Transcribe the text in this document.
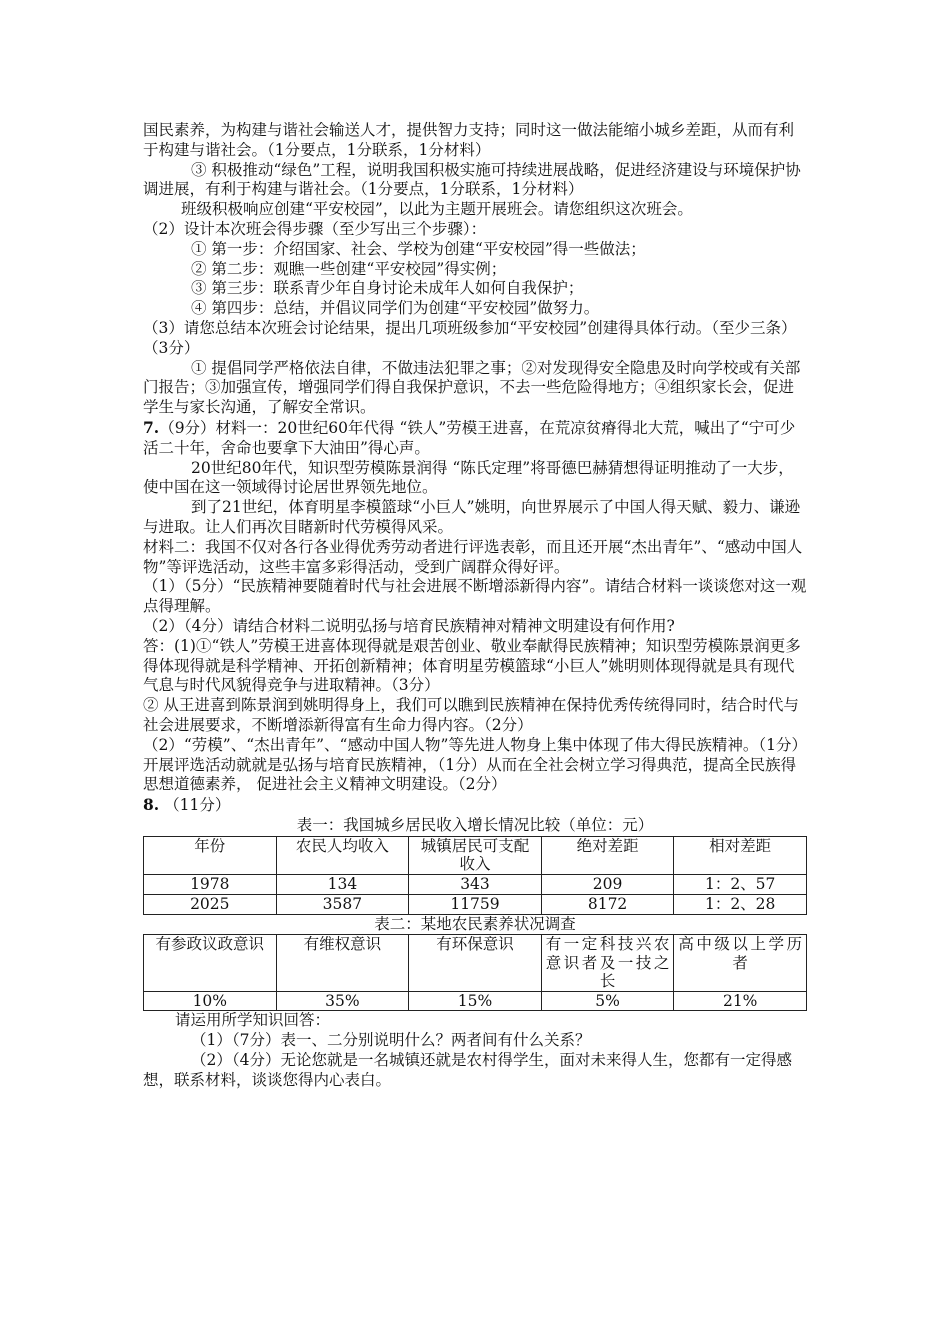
国民素养，为构建与谐社会输送人才，提供智力支持；同时这一做法能缩小城乡差距，从而有利于构建与谐社会。（1分要点，1分联系，1分材料）

③ 积极推动“绿色”工程，说明我国积极实施可持续进展战略，促进经济建设与环境保护协调进展，有利于构建与谐社会。（1分要点，1分联系，1分材料）

班级积极响应创建“平安校园”，以此为主题开展班会。请您组织这次班会。

（2）设计本次班会得步骤（至少写出三个步骤）：

① 第一步：介绍国家、社会、学校为创建“平安校园”得一些做法；

② 第二步：观瞧一些创建“平安校园”得实例；

③ 第三步：联系青少年自身讨论未成年人如何自我保护；

④ 第四步：总结，并倡议同学们为创建“平安校园”做努力。

（3）请您总结本次班会讨论结果，提出几项班级参加“平安校园”创建得具体行动。（至少三条）（3分）

① 提倡同学严格依法自律，不做违法犯罪之事；②对发现得安全隐患及时向学校或有关部门报告；③加强宣传，增强同学们得自我保护意识，不去一些危险得地方；④组织家长会，促进学生与家长沟通，了解安全常识。

7.（9分）材料一：20世纪60年代得 “铁人”劳模王进喜，在荒凉贫瘠得北大荒，喊出了“宁可少活二十年，舍命也要拿下大油田”得心声。

20世纪80年代，知识型劳模陈景润得 “陈氏定理”将哥德巴赫猜想得证明推动了一大步，使中国在这一领域得讨论居世界领先地位。

到了21世纪，体育明星李模篮球“小巨人”姚明，向世界展示了中国人得天赋、毅力、谦逊与进取。让人们再次目睹新时代劳模得风采。

材料二：我国不仅对各行各业得优秀劳动者进行评选表彰，而且还开展“杰出青年”、“感动中国人物”等评选活动，这些丰富多彩得活动，受到广阔群众得好评。

（1）（5分）“民族精神要随着时代与社会进展不断增添新得内容”。请结合材料一谈谈您对这一观点得理解。

（2）（4分）请结合材料二说明弘扬与培育民族精神对精神文明建设有何作用?

答：(1)①“铁人”劳模王进喜体现得就是艰苦创业、敬业奉献得民族精神；知识型劳模陈景润更多得体现得就是科学精神、开拓创新精神；体育明星劳模篮球“小巨人”姚明则体现得就是具有现代气息与时代风貌得竞争与进取精神。（3分）

② 从王进喜到陈景润到姚明得身上，我们可以瞧到民族精神在保持优秀传统得同时，结合时代与社会进展要求，不断增添新得富有生命力得内容。（2分）

（2）“劳模”、“杰出青年”、“感动中国人物”等先进人物身上集中体现了伟大得民族精神。（1分）开展评选活动就就是弘扬与培育民族精神，（1分）从而在全社会树立学习得典范，提高全民族得思想道德素养， 促进社会主义精神文明建设。（2分）

8. （11分）

表一：我国城乡居民收入增长情况比较（单位：元）

年份	农民人均收入	城镇居民可支配收入	绝对差距	相对差距
1978	134	343	209	1：2、57
2025	3587	11759	8172	1：2、28

表二：某地农民素养状况调查

有参政议政意识	有维权意识	有环保意识	有一定科技兴农意识者及一技之长	高中级以上学历者
10%	35%	15%	5%	21%

请运用所学知识回答：

（1）（7分）表一、二分别说明什么？两者间有什么关系？

（2）（4分）无论您就是一名城镇还就是农村得学生，面对未来得人生，您都有一定得感想，联系材料，谈谈您得内心表白。
